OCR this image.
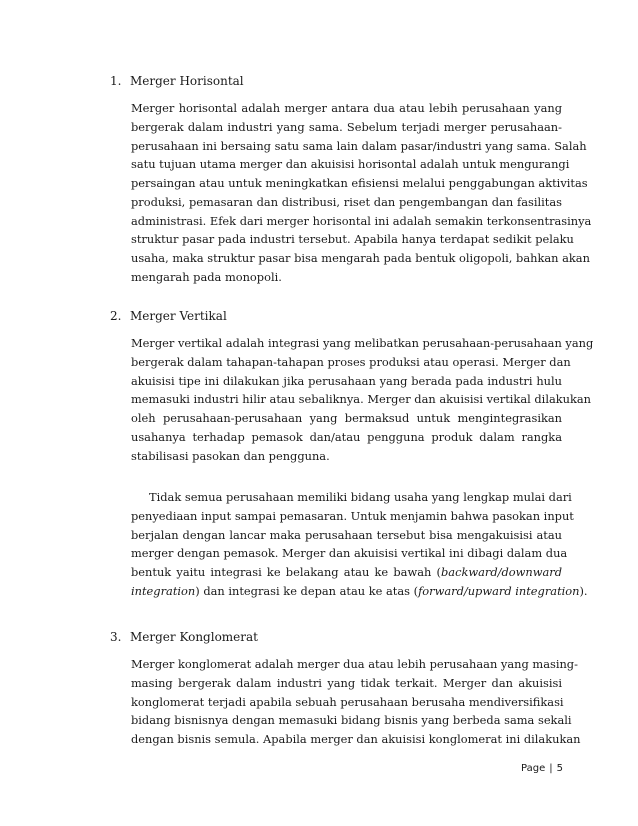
1. Merger Horisontal
Merger horisontal adalah merger antara dua atau lebih perusahaan yang
bergerak dalam industri yang sama. Sebelum terjadi merger perusahaan-
perusahaan ini bersaing satu sama lain dalam pasar/industri yang sama. Salah
satu tujuan utama merger dan akuisisi horisontal adalah untuk mengurangi
persaingan atau untuk meningkatkan efisiensi melalui penggabungan aktivitas
produksi, pemasaran dan distribusi, riset dan pengembangan dan fasilitas
administrasi. Efek dari merger horisontal ini adalah semakin terkonsentrasinya
struktur pasar pada industri tersebut. Apabila hanya terdapat sedikit pelaku
usaha, maka struktur pasar bisa mengarah pada bentuk oligopoli, bahkan akan
mengarah pada monopoli.
2. Merger Vertikal
Merger vertikal adalah integrasi yang melibatkan perusahaan-perusahaan yang
bergerak dalam tahapan-tahapan proses produksi atau operasi. Merger dan
akuisisi tipe ini dilakukan jika perusahaan yang berada pada industri hulu
memasuki industri hilir atau sebaliknya. Merger dan akuisisi vertikal dilakukan
oleh perusahaan-perusahaan yang bermaksud untuk mengintegrasikan
usahanya terhadap pemasok dan/atau pengguna produk dalam rangka
stabilisasi pasokan dan pengguna.
Tidak semua perusahaan memiliki bidang usaha yang lengkap mulai dari
penyediaan input sampai pemasaran. Untuk menjamin bahwa pasokan input
berjalan dengan lancar maka perusahaan tersebut bisa mengakuisisi atau
merger dengan pemasok. Merger dan akuisisi vertikal ini dibagi dalam dua
bentuk yaitu integrasi ke belakang atau ke bawah (backward/downward
integration) dan integrasi ke depan atau ke atas (forward/upward integration).
3. Merger Konglomerat
Merger konglomerat adalah merger dua atau lebih perusahaan yang masing-
masing bergerak dalam industri yang tidak terkait. Merger dan akuisisi
konglomerat terjadi apabila sebuah perusahaan berusaha mendiversifikasi
bidang bisnisnya dengan memasuki bidang bisnis yang berbeda sama sekali
dengan bisnis semula. Apabila merger dan akuisisi konglomerat ini dilakukan
Page | 5
